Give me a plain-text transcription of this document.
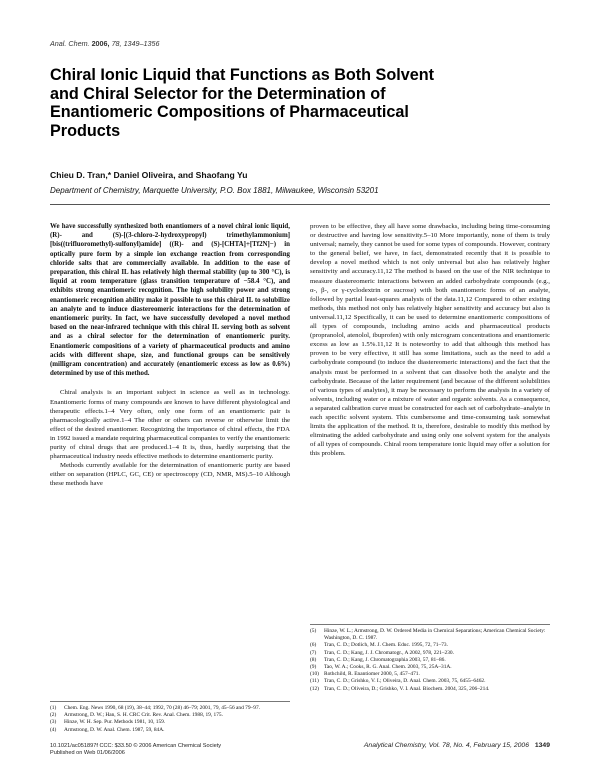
Anal. Chem. 2006, 78, 1349–1356
Chiral Ionic Liquid that Functions as Both Solvent
and Chiral Selector for the Determination of
Enantiomeric Compositions of Pharmaceutical
Products
Chieu D. Tran,* Daniel Oliveira, and Shaofang Yu
Department of Chemistry, Marquette University, P.O. Box 1881, Milwaukee, Wisconsin 53201

We have successfully synthesized both enantiomers of a novel chiral ionic liquid, (R)- and (S)-[(3-chloro-2-hydroxypropyl) trimethylammonium][bis((trifluoromethyl)-sulfonyl)amide] ((R)- and (S)-[CHTA]+[Tf2N]−) in optically pure form by a simple ion exchange reaction from corresponding chloride salts that are commercially available. In addition to the ease of preparation, this chiral IL has relatively high thermal stability (up to 300 °C), is liquid at room temperature (glass transition temperature of −58.4 °C), and exhibits strong enantiomeric recognition. The high solubility power and strong enantiomeric recognition ability make it possible to use this chiral IL to solubilize an analyte and to induce diastereomeric interactions for the determination of enantiomeric purity. In fact, we have successfully developed a novel method based on the near-infrared technique with this chiral IL serving both as solvent and as a chiral selector for the determination of enantiomeric purity. Enantiomeric compositions of a variety of pharmaceutical products and amino acids with different shape, size, and functional groups can be sensitively (milligram concentration) and accurately (enantiomeric excess as low as 0.6%) determined by use of this method.

Chiral analysis is an important subject in science as well as in technology. Enantiomeric forms of many compounds are known to have different physiological and therapeutic effects.1–4 Very often, only one form of an enantiomeric pair is pharmacologically active.1–4 The other or others can reverse or otherwise limit the effect of the desired enantiomer. Recognizing the importance of chiral effects, the FDA in 1992 issued a mandate requiring pharmaceutical companies to verify the enantiomeric purity of chiral drugs that are produced.1–4 It is, thus, hardly surprising that the pharmaceutical industry needs effective methods to determine enantiomeric purity.

Methods currently available for the determination of enantiomeric purity are based either on separation (HPLC, GC, CE) or spectroscopy (CD, NMR, MS).5–10 Although these methods have

proven to be effective, they all have some drawbacks, including being time-consuming or destructive and having low sensitivity.5–10 More importantly, none of them is truly universal; namely, they cannot be used for some types of compounds. However, contrary to the general belief, we have, in fact, demonstrated recently that it is possible to develop a novel method which is not only universal but also has relatively higher sensitivity and accuracy.11,12 The method is based on the use of the NIR technique to measure diastereomeric interactions between an added carbohydrate compounds (e.g., α-, β-, or γ-cyclodextrin or sucrose) with both enantiomeric forms of an analyte, followed by partial least-squares analysis of the data.11,12 Compared to other existing methods, this method not only has relatively higher sensitivity and accuracy but also is universal.11,12 Specifically, it can be used to determine enantiomeric compositions of all types of compounds, including amino acids and pharmaceutical products (propranolol, atenolol, ibuprofen) with only microgram concentrations and enantiomeric excess as low as 1.5%.11,12 It is noteworthy to add that although this method has proven to be very effective, it still has some limitations, such as the need to add a carbohydrate compound (to induce the diastereomeric interactions) and the fact that the analysis must be performed in a solvent that can dissolve both the analyte and the carbohydrate. Because of the latter requirement (and because of the different solubilities of various types of analytes), it may be necessary to perform the analysis in a variety of solvents, including water or a mixture of water and organic solvents. As a consequence, a separated calibration curve must be constructed for each set of carbohydrate–analyte in each specific solvent system. This cumbersome and time-consuming task somewhat limits the application of the method. It is, therefore, desirable to modify this method by eliminating the added carbohydrate and using only one solvent system for the analysis of all types of compounds. Chiral room temperature ionic liquid may offer a solution for this problem.

(1)	Chem. Eng. News 1990, 68 (19), 38–44; 1992, 70 (28) 46–79; 2001, 79, 45–56 and 79–97.
(2)	Armstrong, D. W.; Han, S. H. CRC Crit. Rev. Anal. Chem. 1988, 19, 175.
(3)	Hinze, W. H. Sep. Pur. Methods 1981, 10, 159.
(4)	Armstrong, D. W. Anal. Chem. 1987, 59, 84A.
(5)	Hinze, W. L.; Armstrong, D. W. Ordered Media in Chemical Separations; American Chemical Society: Washington, D. C. 1987.
(6)	Tran, C. D.; Dotlich, M. J. Chem. Educ. 1995, 72, 71–73.
(7)	Tran, C. D.; Kang, J. J. Chromatogr., A 2002, 978, 221–230.
(8)	Tran, C. D.; Kang, J. Chromatographia 2003, 57, 81–86.
(9)	Tao, W. A.; Cooks, R. G. Anal. Chem. 2003, 75, 25A–31A.
(10) Rothchild, R. Enantiomer 2000, 5, 457–471.
(11) Tran, C. D.; Grishko, V. I.; Oliveira, D. Anal. Chem. 2003, 75, 6455–6462.
(12) Tran, C. D.; Oliveira, D.; Grishko, V. I. Anal. Biochem. 2004, 325, 206–214.
10.1021/ac051897f CCC: $33.50 © 2006 American Chemical Society
Published on Web 01/06/2006
Analytical Chemistry, Vol. 78, No. 4, February 15, 2006 1349
